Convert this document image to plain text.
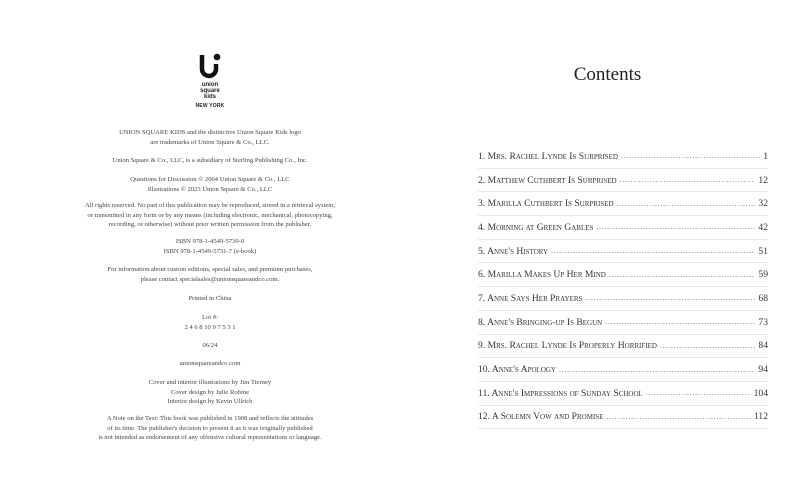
union
square
kids
NEW YORK
UNION SQUARE KIDS and the distinctive Union Square Kids logo
are trademarks of Union Square & Co., LLC.
Union Square & Co., LLC, is a subsidiary of Sterling Publishing Co., Inc.
Questions for Discussion © 2004 Union Square & Co., LLC
Illustrations © 2023 Union Square & Co., LLC
All rights reserved. No part of this publication may be reproduced, stored in a retrieval system,
or transmitted in any form or by any means (including electronic, mechanical, photocopying,
recording, or otherwise) without prior written permission from the publisher.
ISBN 978-1-4549-5730-0
ISBN 978-1-4549-5731-7 (e-book)
For information about custom editions, special sales, and premium purchases,
please contact specialsales@unionsquareandco.com.
Printed in China
Lot #:
2 4 6 8 10 9 7 5 3 1
06/24
unionsquareandco.com
Cover and interior illustrations by Jim Tierney
Cover design by Julie Robine
Interior design by Kevin Ullrich
A Note on the Text: This book was published in 1908 and reflects the attitudes
of its time. The publisher's decision to present it as it was originally published
is not intended as endorsement of any offensive cultural representations or language.
Contents
1. Mrs. Rachel Lynde Is Surprised .....	1
2. Matthew Cuthbert Is Surprised .....	12
3. Marilla Cuthbert Is Surprised .....	32
4. Morning at Green Gables .....	42
5. Anne's History .....	51
6. Marilla Makes Up Her Mind .....	59
7. Anne Says Her Prayers .....	68
8. Anne's Bringing-up Is Begun .....	73
9. Mrs. Rachel Lynde Is Properly Horrified .....	84
10. Anne's Apology .....	94
11. Anne's Impressions of Sunday School .....	104
12. A Solemn Vow and Promise .....	112
